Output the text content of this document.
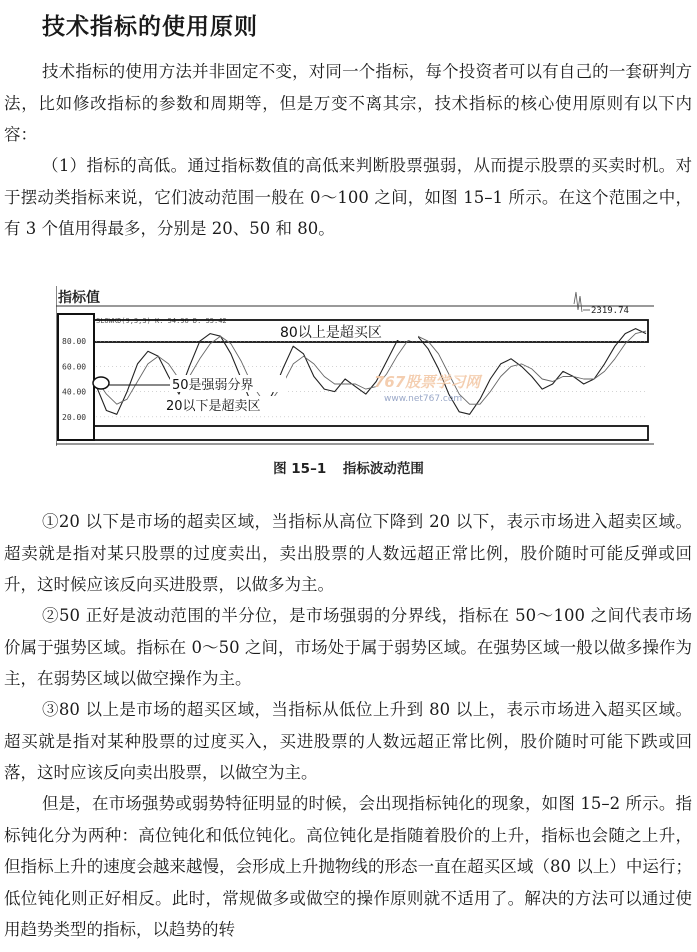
技术指标的使用原则

技术指标的使用方法并非固定不变，对同一个指标，每个投资者可以有自己的一套研判方法，比如修改指标的参数和周期等，但是万变不离其宗，技术指标的核心使用原则有以下内容：

（1）指标的高低。通过指标数值的高低来判断股票强弱，从而提示股票的买卖时机。对于摆动类指标来说，它们波动范围一般在 0～100 之间，如图 15–1 所示。在这个范围之中，有 3 个值用得最多，分别是 20、50 和 80。

指标值
2319.74
SLOWKD(9,3,3) K: 54.96 D: 55.42
80.00
60.00
40.00
20.00
80以上是超买区
50是强弱分界
20以下是超卖区
767股票学习网
www.net767.com
图 15–1 指标波动范围

①20 以下是市场的超卖区域，当指标从高位下降到 20 以下，表示市场进入超卖区域。超卖就是指对某只股票的过度卖出，卖出股票的人数远超正常比例，股价随时可能反弹或回升，这时候应该反向买进股票，以做多为主。

②50 正好是波动范围的半分位，是市场强弱的分界线，指标在 50～100 之间代表市场价属于强势区域。指标在 0～50 之间，市场处于属于弱势区域。在强势区域一般以做多操作为主，在弱势区域以做空操作为主。

③80 以上是市场的超买区域，当指标从低位上升到 80 以上，表示市场进入超买区域。超买就是指对某种股票的过度买入，买进股票的人数远超正常比例，股价随时可能下跌或回落，这时应该反向卖出股票，以做空为主。

但是，在市场强势或弱势特征明显的时候，会出现指标钝化的现象，如图 15–2 所示。指标钝化分为两种：高位钝化和低位钝化。高位钝化是指随着股价的上升，指标也会随之上升，但指标上升的速度会越来越慢，会形成上升抛物线的形态一直在超买区域（80 以上）中运行；低位钝化则正好相反。此时，常规做多或做空的操作原则就不适用了。解决的方法可以通过使用趋势类型的指标，以趋势的转
